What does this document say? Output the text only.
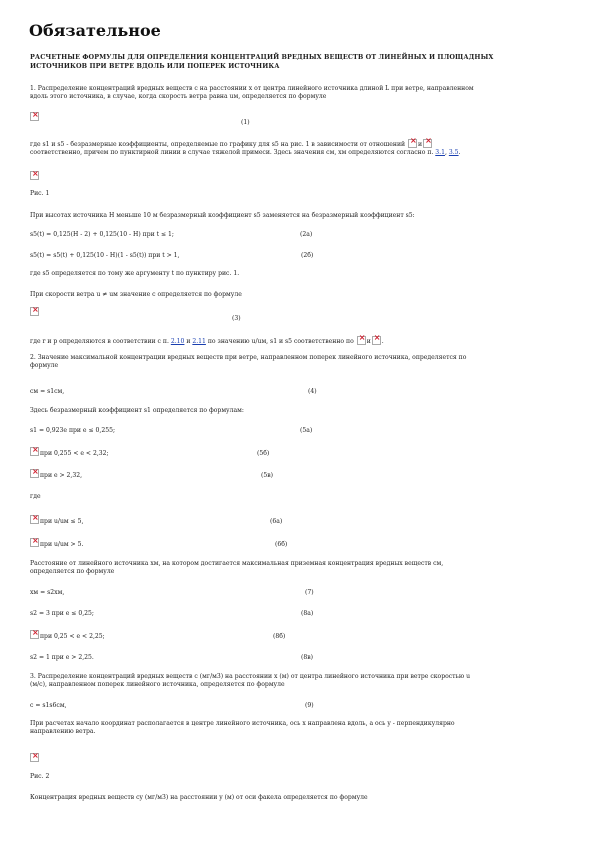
Обязательное
РАСЧЕТНЫЕ ФОРМУЛЫ ДЛЯ ОПРЕДЕЛЕНИЯ КОНЦЕНТРАЦИЙ ВРЕДНЫХ ВЕЩЕСТВ ОТ ЛИНЕЙНЫХ И ПЛОЩАДНЫХ
ИСТОЧНИКОВ ПРИ ВЕТРЕ ВДОЛЬ ИЛИ ПОПЕРЕК ИСТОЧНИКА
1. Распределение концентраций вредных веществ c на расстоянии x от центра линейного источника длиной L при ветре, направленном
вдоль этого источника, в случае, когда скорость ветра равна uм, определяется по формуле
×
(1)
где s1 и s5 - безразмерные коэффициенты, определяемые по графику для s5 на рис. 1 в зависимости от отношений × и×
соответственно, причем по пунктирной линии в случае тяжелой примеси. Здесь значения cм, xм определяются согласно п. 3.1, 3.5.
×
Рис. 1
При высотах источника H меньше 10 м безразмерный коэффициент s5 заменяется на безразмерный коэффициент s5:
s5(t) = 0,125(H - 2) + 0,125(10 - H) при t ≤ 1;	(2а)
s5(t) = s5(t) + 0,125(10 - H)(1 - s5(t)) при t > 1,	(2б)
где s5 определяется по тому же аргументу t по пунктиру рис. 1.
При скорости ветра u ≠ uм значение c определяется по формуле
×
(3)
где r и p определяются в соответствии с п. 2.10 и 2.11 по значению u/uм, s1 и s5 соответственно по × и × .
2. Значение максимальной концентрации вредных веществ при ветре, направленном поперек линейного источника, определяется по
формуле
cм = s1cм,	(4)
Здесь безразмерный коэффициент s1 определяется по формулам:
s1 = 0,923e при e ≤ 0,255;	(5а)
×
при 0,255 < e < 2,32;	(5б)
×
при e > 2,32,	(5в)
где
×
при u/uм ≤ 5,	(6а)
×
при u/uм > 5.	(6б)
Расстояние от линейного источника xм, на котором достигается максимальная приземная концентрация вредных веществ cм,
определяется по формуле
xм = s2xм,	(7)
s2 = 3 при e ≤ 0,25;	(8а)
×
при 0,25 < e < 2,25;	(8б)
s2 = 1 при e > 2,25.	(8в)
3. Распределение концентраций вредных веществ c (мг/м3) на расстоянии x (м) от центра линейного источника при ветре скоростью u
(м/с), направленном поперек линейного источника, определяется по формуле
c = s1s6cм,	(9)
При расчетах начало координат располагается в центре линейного источника, ось x направлена вдоль, а ось y - перпендикулярно
направлению ветра.
×
Рис. 2
Концентрация вредных веществ cy (мг/м3) на расстоянии y (м) от оси факела определяется по формуле
